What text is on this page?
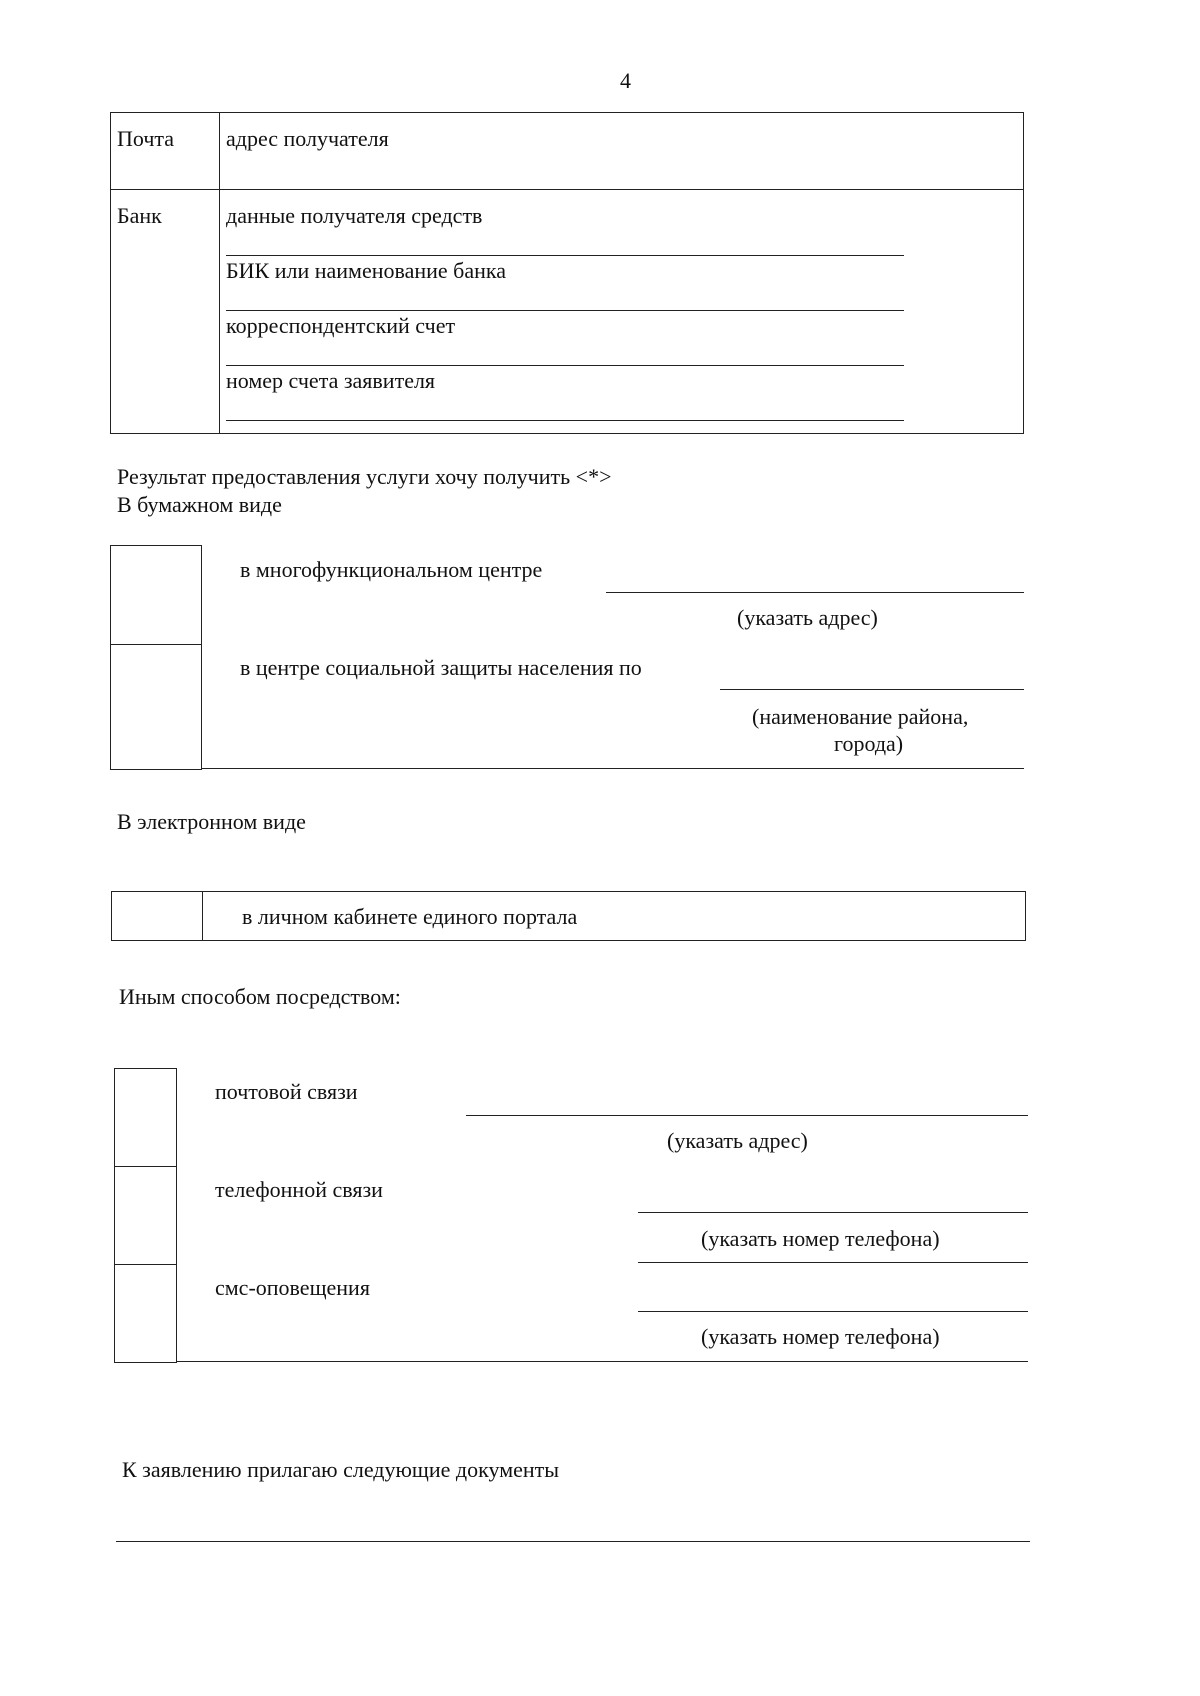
4
Почта адрес получателя
Банк	данные получателя средств
БИК или наименование банка
корреспондентский счет
номер счета заявителя
Результат предоставления услуги хочу получить <*>
В бумажном виде
в многофункциональном центре
(указать адрес)
в центре социальной защиты населения по
(наименование района,
города)
В электронном виде
в личном кабинете единого портала
Иным способом посредством:
почтовой связи
(указать адрес)
телефонной связи
(указать номер телефона)
смс-оповещения
(указать номер телефона)
К заявлению прилагаю следующие документы
